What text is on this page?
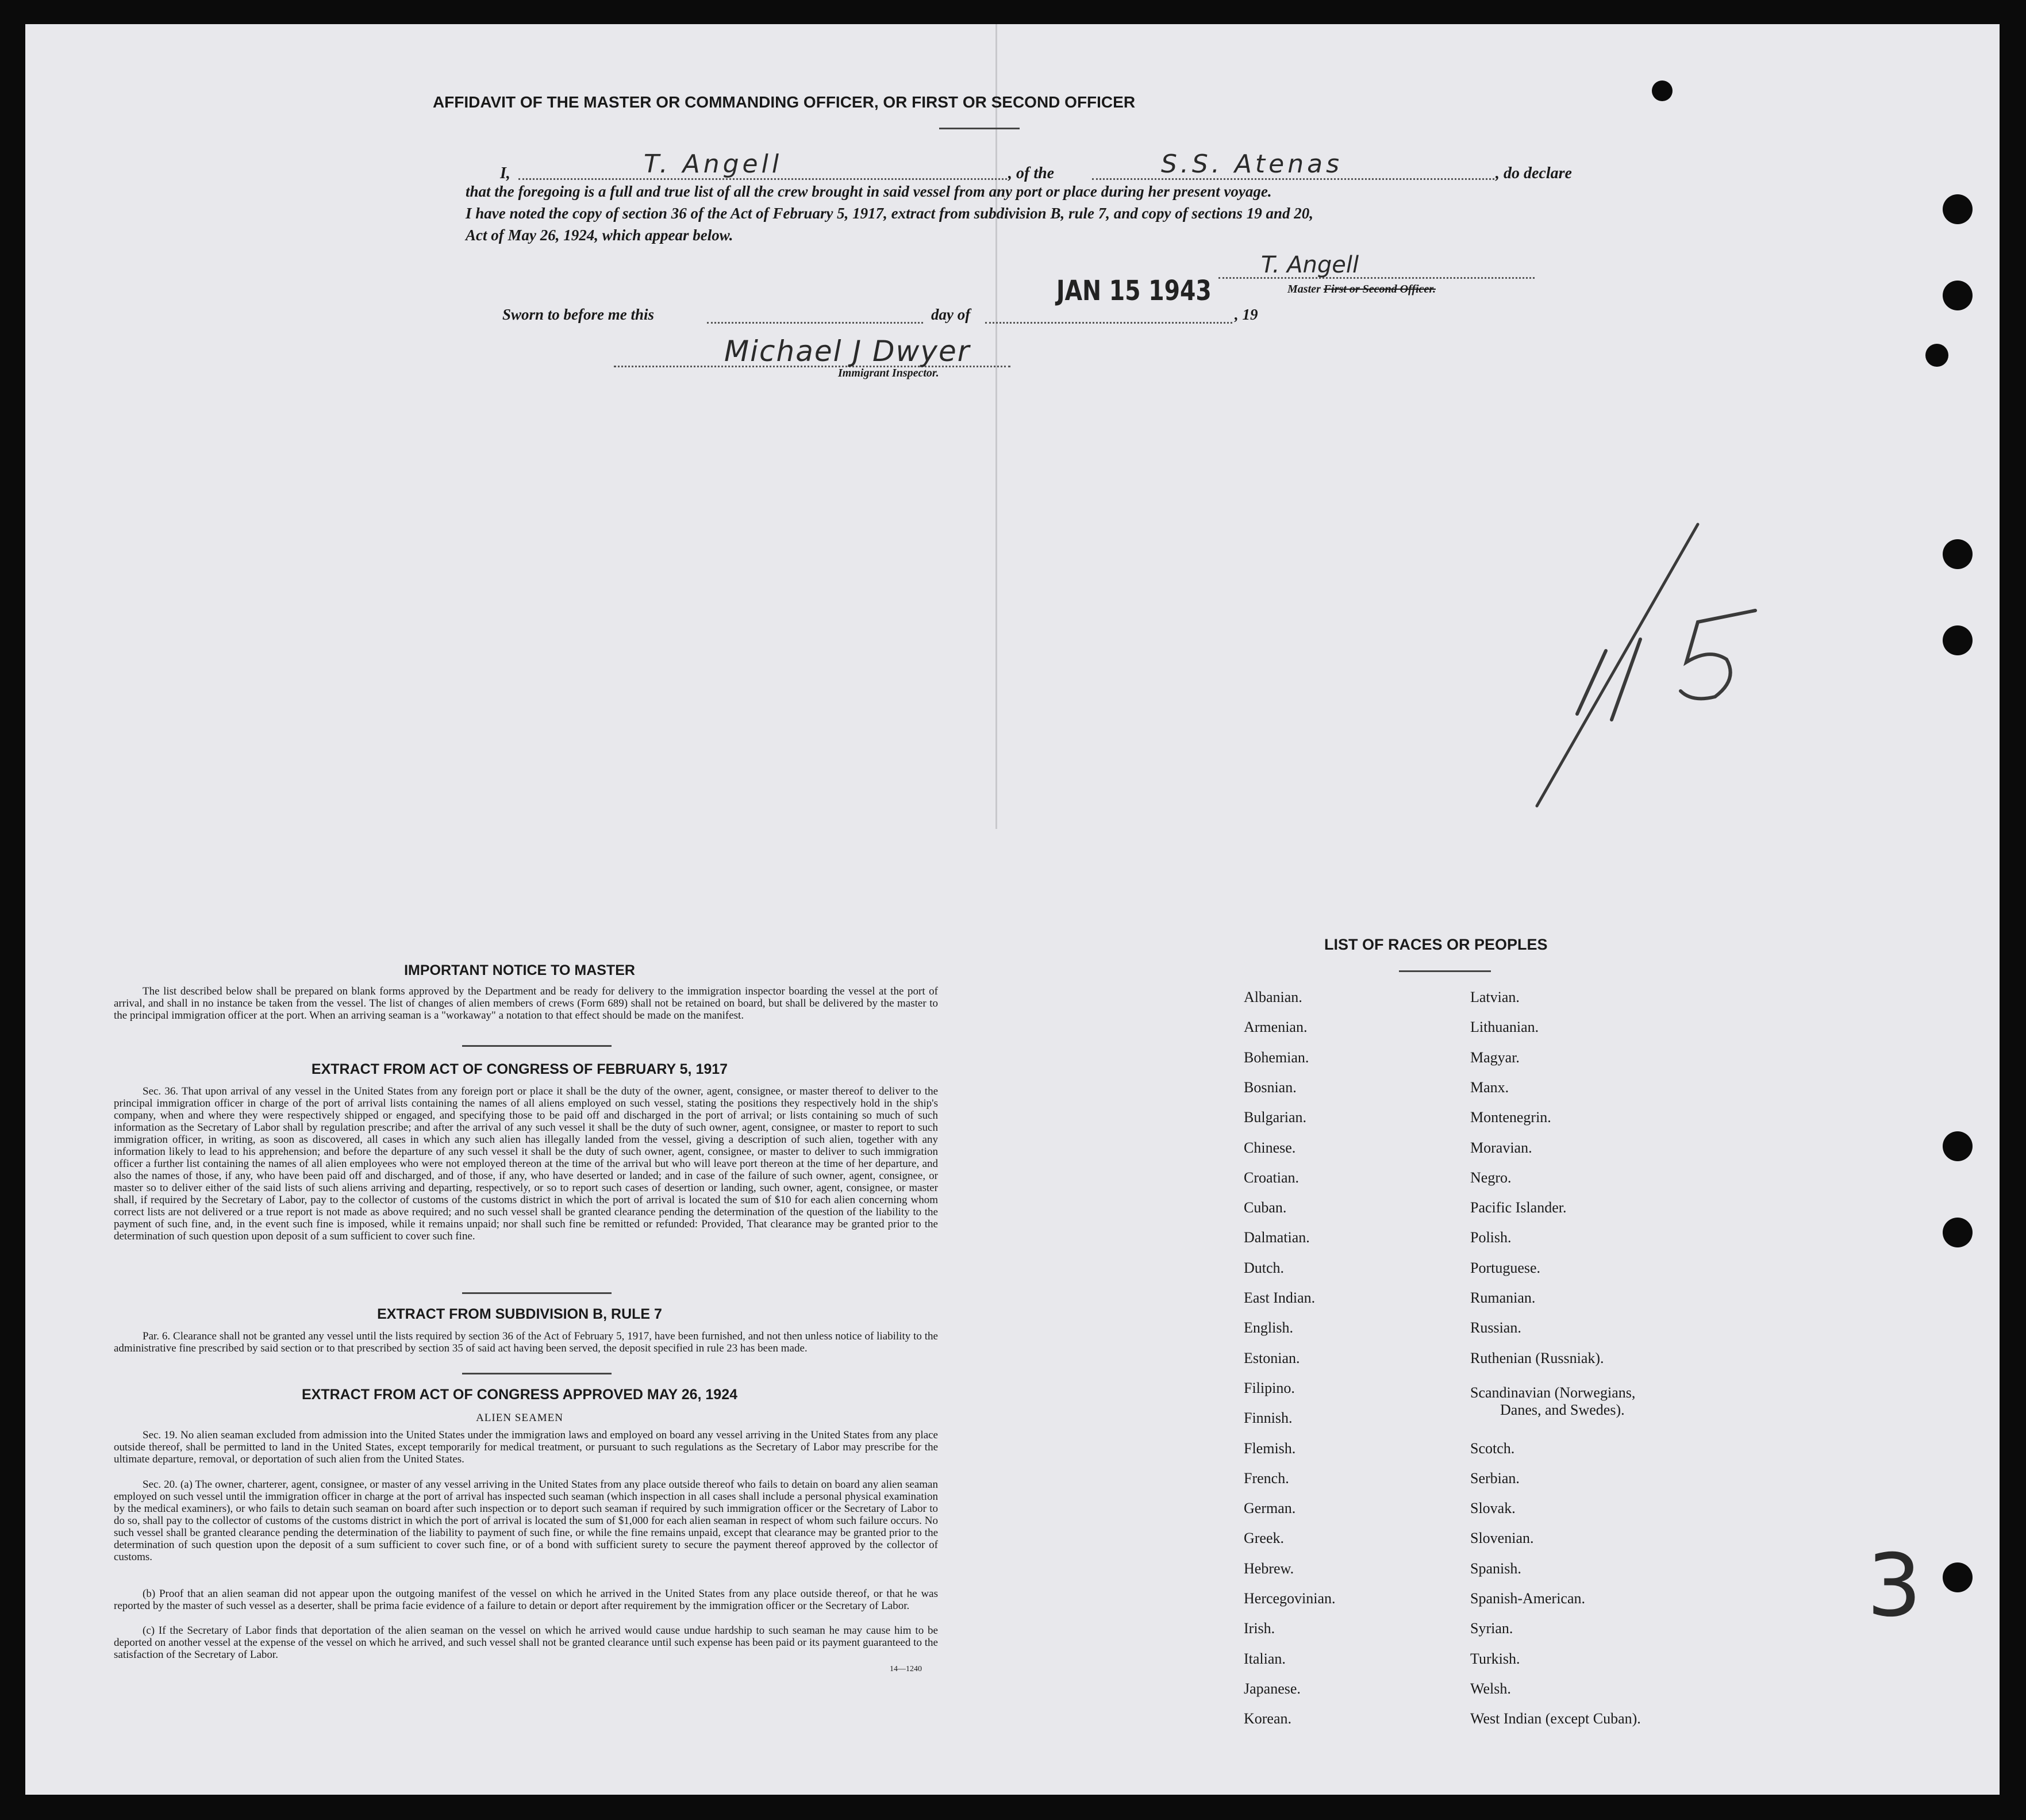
AFFIDAVIT OF THE MASTER OR COMMANDING OFFICER, OR FIRST OR SECOND OFFICER
I,	T. Angell	, of the	S.S. Atenas	, do declare
that the foregoing is a full and true list of all the crew brought in said vessel from any port or place during her present voyage.
I have noted the copy of section 36 of the Act of February 5, 1917, extract from subdivision B, rule 7, and copy of sections 19 and 20,
Act of May 26, 1924, which appear below.
T. Angell
Master First or Second Officer.
JAN 15 1943
Sworn to before me this	day of	, 19
Michael J Dwyer
Immigrant Inspector.
3
IMPORTANT NOTICE TO MASTER
The list described below shall be prepared on blank forms approved by the Department and be ready for delivery to the immigration inspector boarding the vessel at the port of arrival, and shall in no instance be taken from the vessel. The list of changes of alien members of crews (Form 689) shall not be retained on board, but shall be delivered by the master to the principal immigration officer at the port. When an arriving seaman is a "workaway" a notation to that effect should be made on the manifest.
EXTRACT FROM ACT OF CONGRESS OF FEBRUARY 5, 1917
Sec. 36. That upon arrival of any vessel in the United States from any foreign port or place it shall be the duty of the owner, agent, consignee, or master thereof to deliver to the principal immigration officer in charge of the port of arrival lists containing the names of all aliens employed on such vessel, stating the positions they respectively hold in the ship's company, when and where they were respectively shipped or engaged, and specifying those to be paid off and discharged in the port of arrival; or lists containing so much of such information as the Secretary of Labor shall by regulation prescribe; and after the arrival of any such vessel it shall be the duty of such owner, agent, consignee, or master to report to such immigration officer, in writing, as soon as discovered, all cases in which any such alien has illegally landed from the vessel, giving a description of such alien, together with any information likely to lead to his apprehension; and before the departure of any such vessel it shall be the duty of such owner, agent, consignee, or master to deliver to such immigration officer a further list containing the names of all alien employees who were not employed thereon at the time of the arrival but who will leave port thereon at the time of her departure, and also the names of those, if any, who have been paid off and discharged, and of those, if any, who have deserted or landed; and in case of the failure of such owner, agent, consignee, or master so to deliver either of the said lists of such aliens arriving and departing, respectively, or so to report such cases of desertion or landing, such owner, agent, consignee, or master shall, if required by the Secretary of Labor, pay to the collector of customs of the customs district in which the port of arrival is located the sum of $10 for each alien concerning whom correct lists are not delivered or a true report is not made as above required; and no such vessel shall be granted clearance pending the determination of the question of the liability to the payment of such fine, and, in the event such fine is imposed, while it remains unpaid; nor shall such fine be remitted or refunded: Provided, That clearance may be granted prior to the determination of such question upon deposit of a sum sufficient to cover such fine.
EXTRACT FROM SUBDIVISION B, RULE 7
Par. 6. Clearance shall not be granted any vessel until the lists required by section 36 of the Act of February 5, 1917, have been furnished, and not then unless notice of liability to the administrative fine prescribed by said section or to that prescribed by section 35 of said act having been served, the deposit specified in rule 23 has been made.
EXTRACT FROM ACT OF CONGRESS APPROVED MAY 26, 1924
ALIEN SEAMEN
Sec. 19. No alien seaman excluded from admission into the United States under the immigration laws and employed on board any vessel arriving in the United States from any place outside thereof, shall be permitted to land in the United States, except temporarily for medical treatment, or pursuant to such regulations as the Secretary of Labor may prescribe for the ultimate departure, removal, or deportation of such alien from the United States.
Sec. 20. (a) The owner, charterer, agent, consignee, or master of any vessel arriving in the United States from any place outside thereof who fails to detain on board any alien seaman employed on such vessel until the immigration officer in charge at the port of arrival has inspected such seaman (which inspection in all cases shall include a personal physical examination by the medical examiners), or who fails to detain such seaman on board after such inspection or to deport such seaman if required by such immigration officer or the Secretary of Labor to do so, shall pay to the collector of customs of the customs district in which the port of arrival is located the sum of $1,000 for each alien seaman in respect of whom such failure occurs. No such vessel shall be granted clearance pending the determination of the liability to payment of such fine, or while the fine remains unpaid, except that clearance may be granted prior to the determination of such question upon the deposit of a sum sufficient to cover such fine, or of a bond with sufficient surety to secure the payment thereof approved by the collector of customs.
(b) Proof that an alien seaman did not appear upon the outgoing manifest of the vessel on which he arrived in the United States from any place outside thereof, or that he was reported by the master of such vessel as a deserter, shall be prima facie evidence of a failure to detain or deport after requirement by the immigration officer or the Secretary of Labor.
(c) If the Secretary of Labor finds that deportation of the alien seaman on the vessel on which he arrived would cause undue hardship to such seaman he may cause him to be deported on another vessel at the expense of the vessel on which he arrived, and such vessel shall not be granted clearance until such expense has been paid or its payment guaranteed to the satisfaction of the Secretary of Labor.
14—1240
LIST OF RACES OR PEOPLES
Albanian.
Armenian.
Bohemian.
Bosnian.
Bulgarian.
Chinese.
Croatian.
Cuban.
Dalmatian.
Dutch.
East Indian.
English.
Estonian.
Filipino.
Finnish.
Flemish.
French.
German.
Greek.
Hebrew.
Hercegovinian.
Irish.
Italian.
Japanese.
Korean.
Latvian.
Lithuanian.
Magyar.
Manx.
Montenegrin.
Moravian.
Negro.
Pacific Islander.
Polish.
Portuguese.
Rumanian.
Russian.
Ruthenian (Russniak).
Scandinavian (Norwegians,
Danes, and Swedes).
Scotch.
Serbian.
Slovak.
Slovenian.
Spanish.
Spanish-American.
Syrian.
Turkish.
Welsh.
West Indian (except Cuban).
